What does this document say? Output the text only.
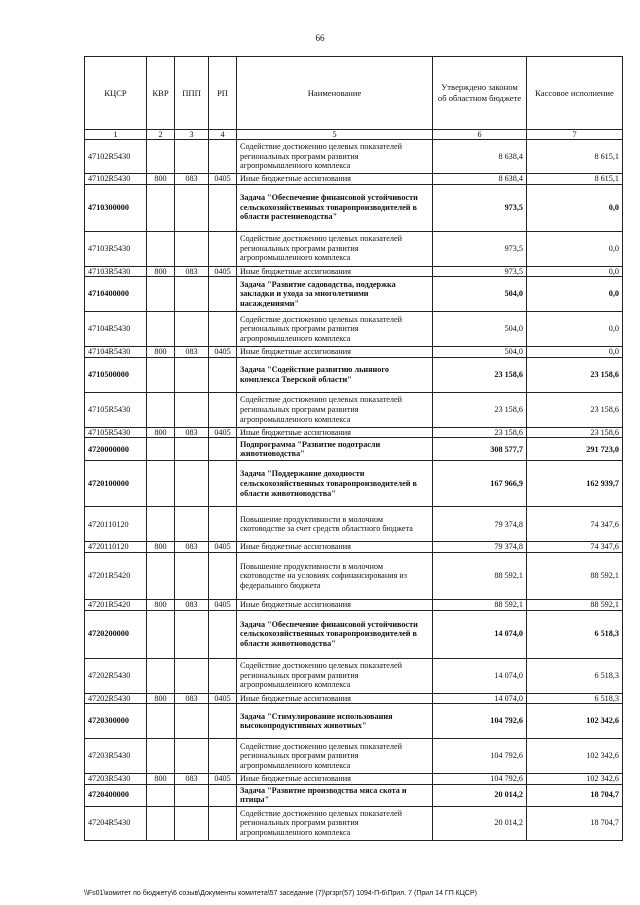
66
КЦСР	КВР	ППП	РП	Наименование	Утверждено законом об областном бюджете	Кассовое исполнение
1	2	3	4	5	6	7
47102R5430				Содействие достижению целевых показателей региональных программ развития агропромышленного комплекса	8 638,4	8 615,1
47102R5430	800	083	0405	Иные бюджетные ассигнования	8 638,4	8 615,1
4710300000				Задача "Обеспечение финансовой устойчивости сельскохозяйственных товаропроизводителей в области растениеводства"	973,5	0,0
47103R5430				Содействие достижению целевых показателей региональных программ развития агропромышленного комплекса	973,5	0,0
47103R5430	800	083	0405	Иные бюджетные ассигнования	973,5	0,0
4710400000				Задача "Развитие садоводства, поддержка закладки и ухода за многолетними насаждениями"	504,0	0,0
47104R5430				Содействие достижению целевых показателей региональных программ развития агропромышленного комплекса	504,0	0,0
47104R5430	800	083	0405	Иные бюджетные ассигнования	504,0	0,0
4710500000				Задача "Содействие развитию льняного комплекса Тверской области"	23 158,6	23 158,6
47105R5430				Содействие достижению целевых показателей региональных программ развития агропромышленного комплекса	23 158,6	23 158,6
47105R5430	800	083	0405	Иные бюджетные ассигнования	23 158,6	23 158,6
4720000000				Подпрограмма "Развитие подотрасли животноводства"	308 577,7	291 723,0
4720100000				Задача "Поддержание доходности сельскохозяйственных товаропроизводителей в области животноводства"	167 966,9	162 939,7
4720110120				Повышение продуктивности в молочном скотоводстве за счет средств областного бюджета	79 374,8	74 347,6
4720110120	800	083	0405	Иные бюджетные ассигнования	79 374,8	74 347,6
47201R5420				Повышение продуктивности в молочном скотоводстве на условиях софинансирования из федерального бюджета	88 592,1	88 592,1
47201R5420	800	083	0405	Иные бюджетные ассигнования	88 592,1	88 592,1
4720200000				Задача "Обеспечение финансовой устойчивости сельскохозяйственных товаропроизводителей в области животноводства"	14 074,0	6 518,3
47202R5430				Содействие достижению целевых показателей региональных программ развития агропромышленного комплекса	14 074,0	6 518,3
47202R5430	800	083	0405	Иные бюджетные ассигнования	14 074,0	6 518,3
4720300000				Задача "Стимулирование использования высокопродуктивных животных"	104 792,6	102 342,6
47203R5430				Содействие достижению целевых показателей региональных программ развития агропромышленного комплекса	104 792,6	102 342,6
47203R5430	800	083	0405	Иные бюджетные ассигнования	104 792,6	102 342,6
4720400000				Задача "Развитие производства мяса скота и птицы"	20 014,2	18 704,7
47204R5430				Содействие достижению целевых показателей региональных программ развития агропромышленного комплекса	20 014,2	18 704,7
\\Fs01\комитет по бюджету\6 созыв\Документы комитета\57 заседание (7)\ргзрг(57) 1094-П-6\Прил. 7 (Прил 14 ГП КЦСР)
